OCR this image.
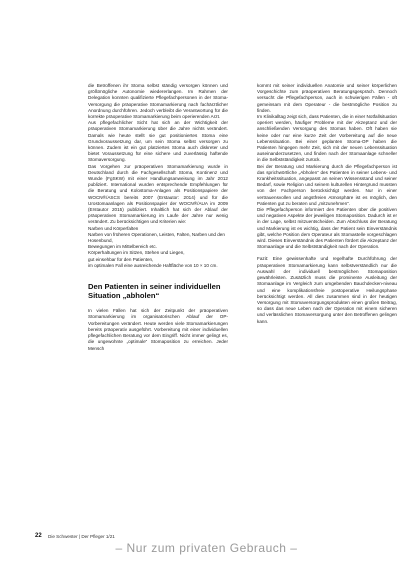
die Betroffenen ihr Stoma selbst ständig versorgen können und größtmögliche Autonomie wiedererlangen. Im Rahmen der Delegation konnten qualifizierte Pflegefachpersonen in der Stoma-Versorgung die präoperative Stomamarkierung nach fachärztlicher Anordnung durchführen. Jedoch verbleibt die Verantwortung für die korrekte präoperative Stomamarkierung beim operierenden Arzt.

Aus pflegefachlicher Sicht hat sich an der Wichtigkeit der präoperativen Stomamarkierung über die Jahre nichts verändert. Damals wie heute stellt sie gut positioniertes Stoma eine Grundvoraussetzung dar, um sein Stoma selbst versorgen zu können. Zudem ist ein gut platziertes Stoma auch diskreter und bietet Voraussetzung für eine sichere und zuverlässig haftende Stomaversorgung.

Das Vorgehen zur präoperativen Stomamarkierung wurde in Deutschland durch die Fachgesellschaft Stoma, Kontinenz und Wunde (FgSKW) mit einer Handlungsanweisung im Jahr 2012 publiziert. International wurden entsprechende Empfehlungen für die Beratung und Kolostoma-Anlagen als Positionspapiere der WOCN®/ASCS bereits 2007 (Erstautor: 2014) und für die Urostomaanlagen als Positionspapier der WOCN®/AUA im 2009 (Erstautor 2015) publiziert. Inhaltlich hat sich der Ablauf der präoperativen Stomamarkierung im Laufe der Jahre nur wenig verändert. Zu berücksichtigen und Kriterien wie:

Narben und Körperfalten
Narben von früheren Operationen, Leisten, Falten, Narben und den Hosenbund,
Bewegungen im Mittelbereich etc.
Körperhaltungen im Sitzen, Stehen und Liegen,
gut einsehbar für den Patienten,
im optimalen Fall eine ausreichende Haftfläche von 10 × 10 cm.
Den Patienten in seiner individuellen Situation „abholen“

In vielen Fällen hat sich der Zeitpunkt der präoperativen Stomamarkierung im organisatorischen Ablauf der OP-Vorbereitungen verändert. Heute werden viele Stomamarkierungen bereits präoperativ ausgeführt. Vorbereitung mit einer individuellen pflegefachlichen Beratung vor dem Eingriff. Nicht immer gelingt es, die ungewohnte „optimale“ Stomaposition zu erreichen. Jeder Mensch

kommt mit seiner individuellen Anatomie und seiner körperlichen Vorgeschichte zum präoperativen Beratungsgespräch. Dennoch versucht die Pflegefachperson, auch in schwierigen Fällen - oft gemeinsam mit dem Operateur - die bestmögliche Position zu finden.

Im Klinikalltag zeigt sich, dass Patienten, die in einer Notfallsituation operiert werden, häufiger Probleme mit der Akzeptanz und der anschließenden Versorgung des Stomas haben. Oft haben sie keine oder nur eine kurze Zeit der Vorbereitung auf die neue Lebenssituation. Bei einer geplanten Stoma-OP haben die Patienten hingegen mehr Zeit, sich mit der neuen Lebenssituation auseinanderzusetzen, und finden nach der Stomaanlage schneller in die Selbstständigkeit zurück.

Bei der Beratung und Markierung durch die Pflegefachperson ist das sprichwörtliche „Abholen“ des Patienten in seiner Lebens- und Krankheitssituation, angepasst an seinen Wissensstand und seiner Bedarf, sowie Religion und seinem kulturellen Hintergrund mussten von der Fachperson berücksichtigt werden. Nur in einer vertrauensvollen und angstfreien Atmosphäre ist es möglich, den Patienten gut zu beraten und „mitzunehmen“.

Die Pflegefachperson informiert den Patienten über die positiven und negativen Aspekte der jeweiligen Stomaposition. Dadurch ist er in der Lage, selbst mitzuentscheiden. Zum Abschluss der Beratung und Markierung ist es wichtig, dass der Patient sein Einverständnis gibt, welche Position dem Operateur als Stomastelle vorgeschlagen wird. Dieses Einverständnis des Patienten fördert die Akzeptanz der Stomaanlage und die Selbstständigkeit nach der Operation.

Fazit: Eine gewissenhafte und regelhafte Durchführung der präoperativen Stomamarkierung kann selbstverständlich nur die Auswahl der individuell bestmöglichen Stomaposition gewährleisten. Zusätzlich muss die prominente Ausleitung der Stomaanlage im Vergleich zum umgebenden Bauchdecken-niveau und eine komplikationsfreie postoperative Heilungsphase berücksichtigt werden. All dies zusammen sind in der heutigen Versorgung mit Stomaversorgungsprodukten einen großen Beitrag, so dass das neue Leben nach der Operation mit einem sicheren und verlässlichen Stomaversorgung unter den Betroffenen gelingen kann.

22 Die Schwester | Der Pfleger 1/21
– Nur zum privaten Gebrauch –
